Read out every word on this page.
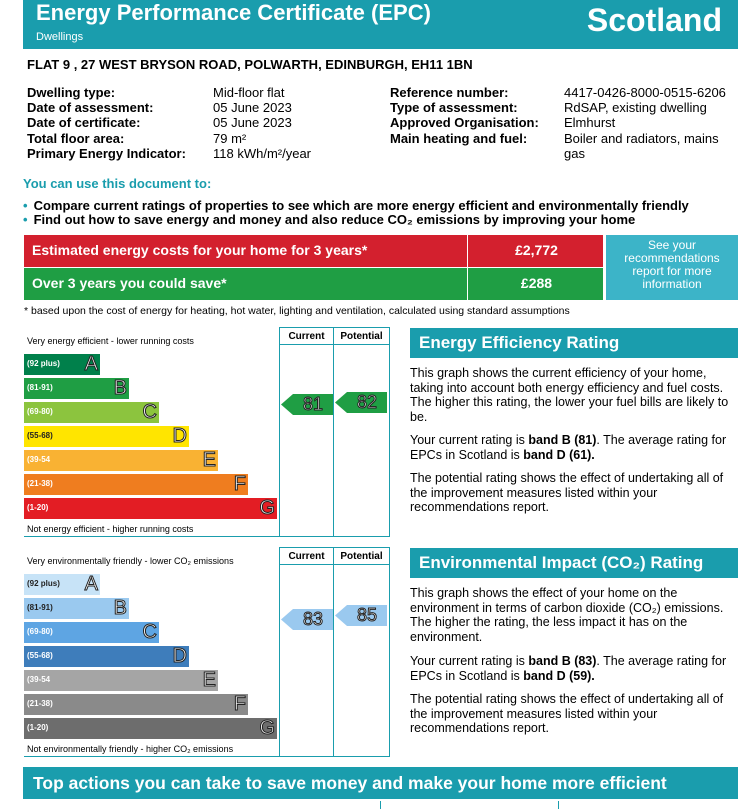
Energy Performance Certificate (EPC)
Dwellings	Scotland
FLAT 9 , 27 WEST BRYSON ROAD, POLWARTH, EDINBURGH, EH11 1BN
Dwelling type:	Mid-floor flat
Date of assessment:	05 June 2023
Date of certificate:	05 June 2023
Total floor area:	79 m²
Primary Energy Indicator: 118 kWh/m²/year
Reference number:	4417-0426-8000-0515-6206
Type of assessment:	RdSAP, existing dwelling
Approved Organisation: Elmhurst
Main heating and fuel:	Boiler and radiators, mains
gas
You can use this document to:
• Compare current ratings of properties to see which are more energy efficient and environmentally friendly
• Find out how to save energy and money and also reduce CO₂ emissions by improving your home
Estimated energy costs for your home for 3 years*	£2,772
Over 3 years you could save*	£288
See your
recommendations
report for more
information
* based upon the cost of energy for heating, hot water, lighting and ventilation, calculated using standard assumptions
Current	Potential
Very energy efficient - lower running costs
Not energy efficient - higher running costs
(92 plus) A
(81-91)	B
(69-80)	C
(55-68)	D
(39-54	E
(21-38)	F
(1-20)	G
81	82
Current	Potential
Very environmentally friendly - lower CO₂ emissions
Not environmentally friendly - higher CO₂ emissions
(92 plus) A
(81-91)	B
(69-80)	C
(55-68)	D
(39-54	E
(21-38)	F
(1-20)	G
83	85
Energy Efficiency Rating
This graph shows the current efficiency of your home, taking into account both energy efficiency and fuel costs. The higher this rating, the lower your fuel bills are likely to be.
Your current rating is band B (81). The average rating for EPCs in Scotland is band D (61).
The potential rating shows the effect of undertaking all of the improvement measures listed within your recommendations report.
Environmental Impact (CO₂) Rating
This graph shows the effect of your home on the environment in terms of carbon dioxide (CO₂) emissions. The higher the rating, the less impact it has on the environment.
Your current rating is band B (83). The average rating for EPCs in Scotland is band D (59).
The potential rating shows the effect of undertaking all of the improvement measures listed within your recommendations report.
Top actions you can take to save money and make your home more efficient
